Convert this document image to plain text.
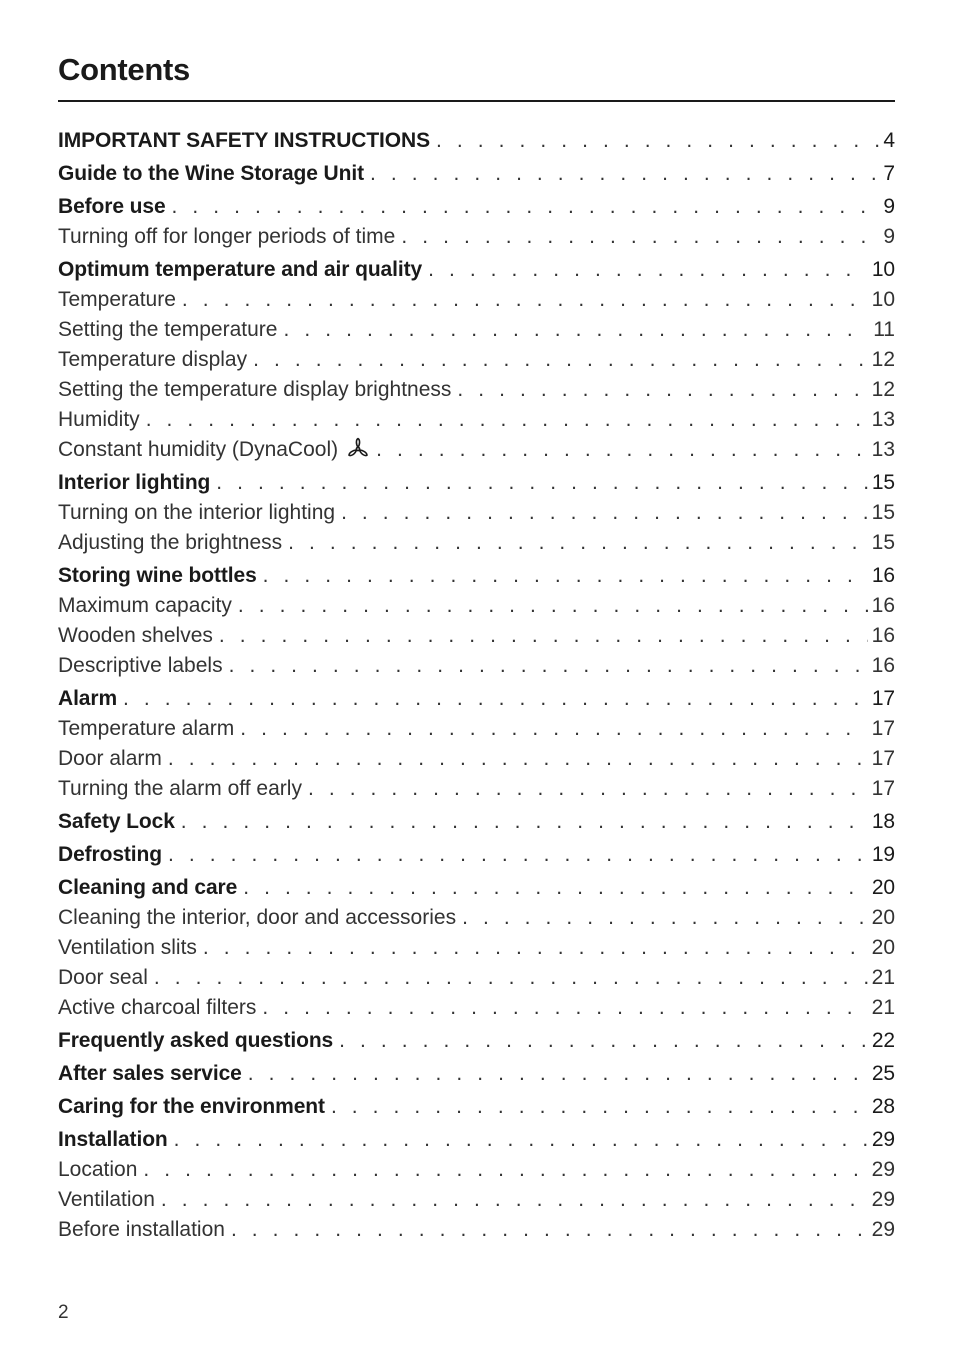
Contents
IMPORTANT SAFETY INSTRUCTIONS . . .	4
Guide to the Wine Storage Unit . . .	7
Before use . . .	9
Turning off for longer periods of time . . .	9
Optimum temperature and air quality . . .	10
Temperature . . .	10
Setting the temperature . . .	11
Temperature display . . .	12
Setting the temperature display brightness . . .	12
Humidity . . .	13
Constant humidity (DynaCool) . . .	13
Interior lighting . . .	15
Turning on the interior lighting . . .	15
Adjusting the brightness . . .	15
Storing wine bottles . . .	16
Maximum capacity . . .	16
Wooden shelves . . .	16
Descriptive labels . . .	16
Alarm . . .	17
Temperature alarm . . .	17
Door alarm . . .	17
Turning the alarm off early . . .	17
Safety Lock . . .	18
Defrosting . . .	19
Cleaning and care . . .	20
Cleaning the interior, door and accessories . . .	20
Ventilation slits . . .	20
Door seal . . .	21
Active charcoal filters . . .	21
Frequently asked questions . . .	22
After sales service . . .	25
Caring for the environment . . .	28
Installation . . .	29
Location . . .	29
Ventilation . . .	29
Before installation . . .	29
2
